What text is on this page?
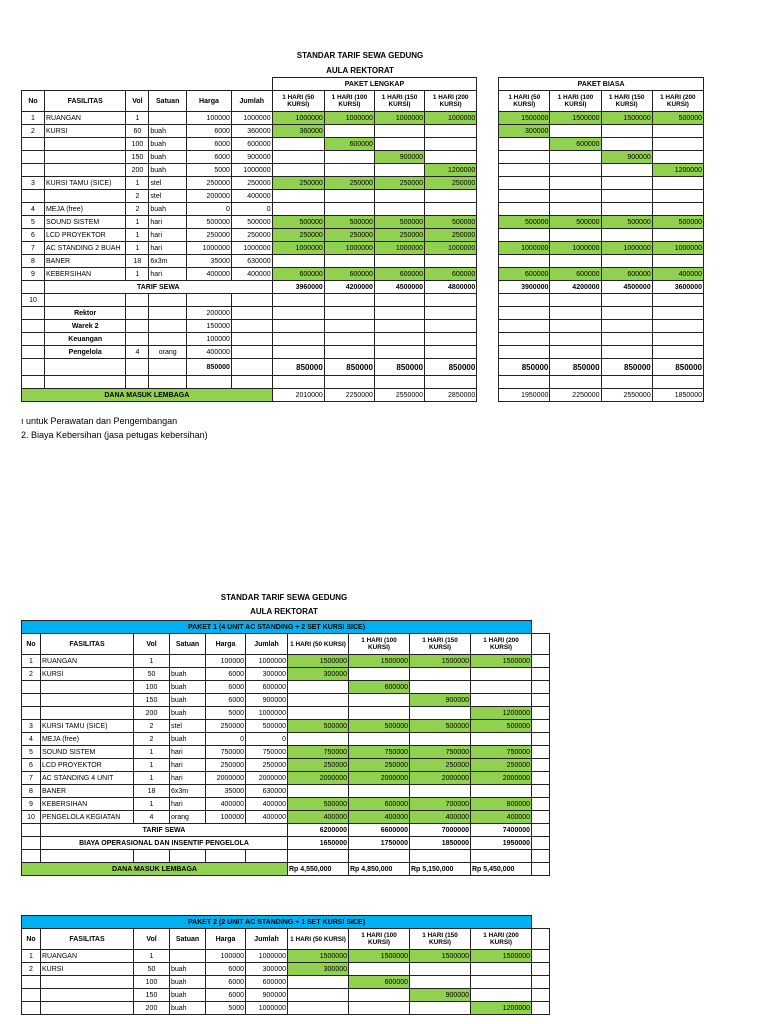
STANDAR TARIF SEWA GEDUNG
AULA REKTORAT
						PAKET LENGKAP					PAKET BIASA			
No	FASILITAS	Vol	Satuan	Harga	Jumlah	1 HARI (50 KURSI)	1 HARI (100 KURSI)	1 HARI (150 KURSI)	1 HARI (200 KURSI)		1 HARI (50 KURSI)	1 HARI (100 KURSI)	1 HARI (150 KURSI)	1 HARI (200 KURSI)
1	RUANGAN	1		100000	1000000	1000000	1000000	1000000	1000000		1500000	1500000	1500000	500000
2	KURSI	60	buah	6000	360000	360000					300000			
		100	buah	6000	600000		600000					600000		
		150	buah	6000	900000			900000					900000	
		200	buah	5000	1000000				1200000					1200000
3	KURSI TAMU (SICE)	1	stel	250000	250000	250000	250000	250000	250000					
		2	stel	200000	400000									
4	MEJA (free)	2	buah	0	0									
5	SOUND SISTEM	1	hari	500000	500000	500000	500000	500000	500000		500000	500000	500000	500000
6	LCD PROYEKTOR	1	hari	250000	250000	250000	250000	250000	250000					
7	AC STANDING 2 BUAH	1	hari	1000000	1000000	1000000	1000000	1000000	1000000		1000000	1000000	1000000	1000000
8	BANER	18	6x3m	35000	630000									
9	KEBERSIHAN	1	hari	400000	400000	600000	600000	600000	600000		600000	600000	600000	400000
	TARIF SEWA					3960000	4200000	4500000	4800000		3900000	4200000	4500000	3600000
10														
	Rektor			200000										
	Warek 2			150000										
	Keuangan			100000										
	Pengelola	4	orang	400000										
				850000		850000	850000	850000	850000		850000	850000	850000	850000

DANA MASUK LEMBAGA						2010000	2250000	2550000	2850000		1950000	2250000	2550000	1850000
ı untuk Perawatan dan Pengembangan
2. Biaya Kebersihan (jasa petugas kebersihan)
STANDAR TARIF SEWA GEDUNG
AULA REKTORAT
PAKET 1 (4 UNIT AC STANDING + 2 SET KURSI SICE)										
No	FASILITAS	Vol	Satuan	Harga	Jumlah	1 HARI (50 KURSI)	1 HARI (100 KURSI)	1 HARI (150 KURSI)	1 HARI (200 KURSI)	
1	RUANGAN	1		100000	1000000	1500000	1500000	1500000	1500000	
2	KURSI	50	buah	6000	300000	300000				
		100	buah	6000	600000		600000			
		150	buah	6000	900000			900000		
		200	buah	5000	1000000				1200000	
3	KURSI TAMU (SICE)	2	stel	250000	500000	500000	500000	500000	500000	
4	MEJA (free)	2	buah	0	0					
5	SOUND SISTEM	1	hari	750000	750000	750000	750000	750000	750000	
6	LCD PROYEKTOR	1	hari	250000	250000	250000	250000	250000	250000	
7	AC STANDING 4 UNIT	1	hari	2000000	2000000	2000000	2000000	2000000	2000000	
8	BANER	18	6x3m	35000	630000					
9	KEBERSIHAN	1	hari	400000	400000	500000	600000	700000	800000	
10	PENGELOLA KEGIATAN	4	orang	100000	400000	400000	400000	400000	400000	
	TARIF SEWA					6200000	6600000	7000000	7400000	
	BIAYA OPERASIONAL DAN INSENTIF PENGELOLA					1650000	1750000	1850000	1950000	

DANA MASUK LEMBAGA						Rp 4,550,000	Rp 4,850,000	Rp 5,150,000	Rp 5,450,000	
PAKET 2 (2 UNIT AC STANDING + 1 SET KURSI SICE)										
No	FASILITAS	Vol	Satuan	Harga	Jumlah	1 HARI (50 KURSI)	1 HARI (100 KURSI)	1 HARI (150 KURSI)	1 HARI (200 KURSI)	
1	RUANGAN	1		100000	1000000	1500000	1500000	1500000	1500000	
2	KURSI	50	buah	6000	300000	300000				
		100	buah	6000	600000		600000			
		150	buah	6000	900000			900000		
		200	buah	5000	1000000				1200000	
